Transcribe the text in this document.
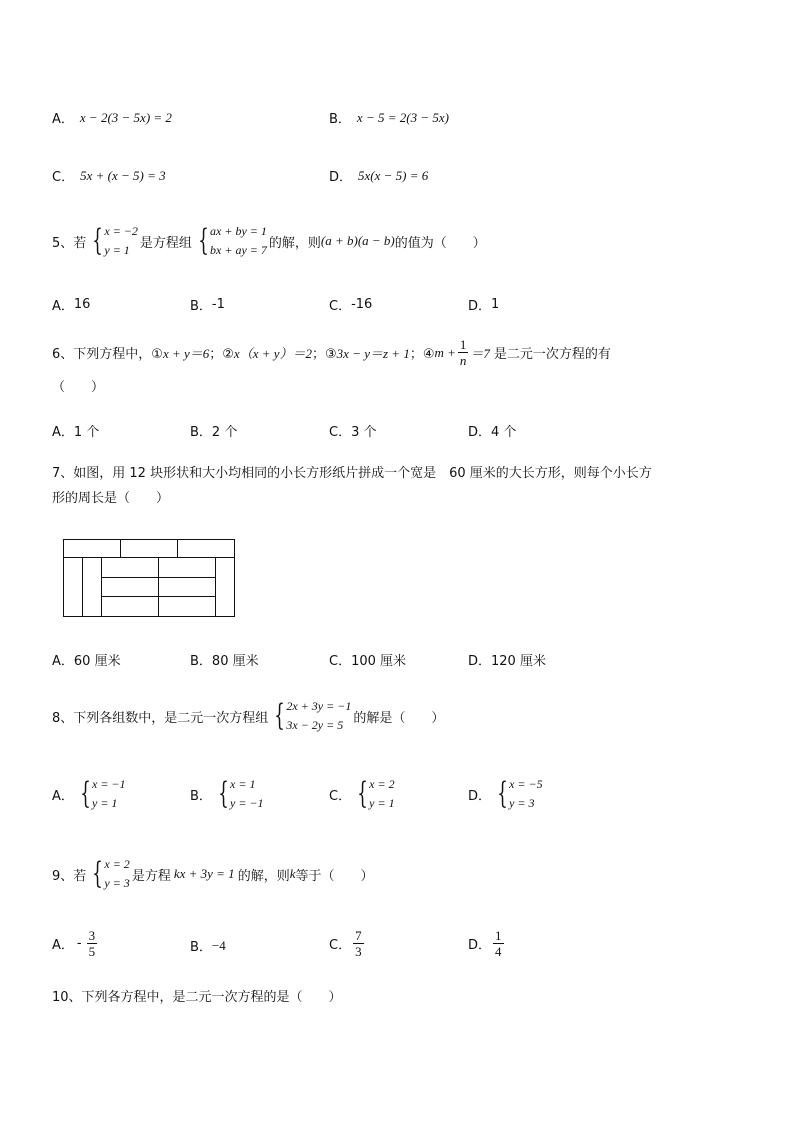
A． x − 2(3 − 5x) = 2	B． x − 5 = 2(3 − 5x)
C． 5x + (x − 5) = 3	D． 5x(x − 5) = 6
5、若 { x = −2
y = 1 是方程组 { ax + by = 1
bx + ay = 7 的解，则 (a + b)(a − b) 的值为（　　）
A． 16	B． -1	C． -16	D． 1
6、下列方程中，① x + y＝6 ；② x（x + y）＝2 ；③ 3x − y＝z + 1 ；④ $m + \frac{1}{n} =7$ 是二元一次方程的有
（　　）
A． 1 个	B． 2 个	C． 3 个	D． 4 个
7、如图，用 12 块形状和大小均相同的小长方形纸片拼成一个宽是　60 厘米的大长方形，则每个小长方
形的周长是（　　）
A． 60 厘米	B． 80 厘米	C． 100 厘米	D． 120 厘米
8、下列各组数中，是二元一次方程组 { 2x + 3y = −1
3x − 2y = 5 的解是（　　）
A． { x = −1
y = 1	B． { x = 1
y = −1	C． { x = 2
y = 1	D． { x = −5
y = 3
9、若 { x = 2
y = 3 是方程 kx + 3y = 1 的解，则 k 等于（　　）
A． - $\frac{3}{5}$	B． −4	C． $\frac{7}{3}$	D． $\frac{1}{4}$
10、下列各方程中，是二元一次方程的是（　　）
